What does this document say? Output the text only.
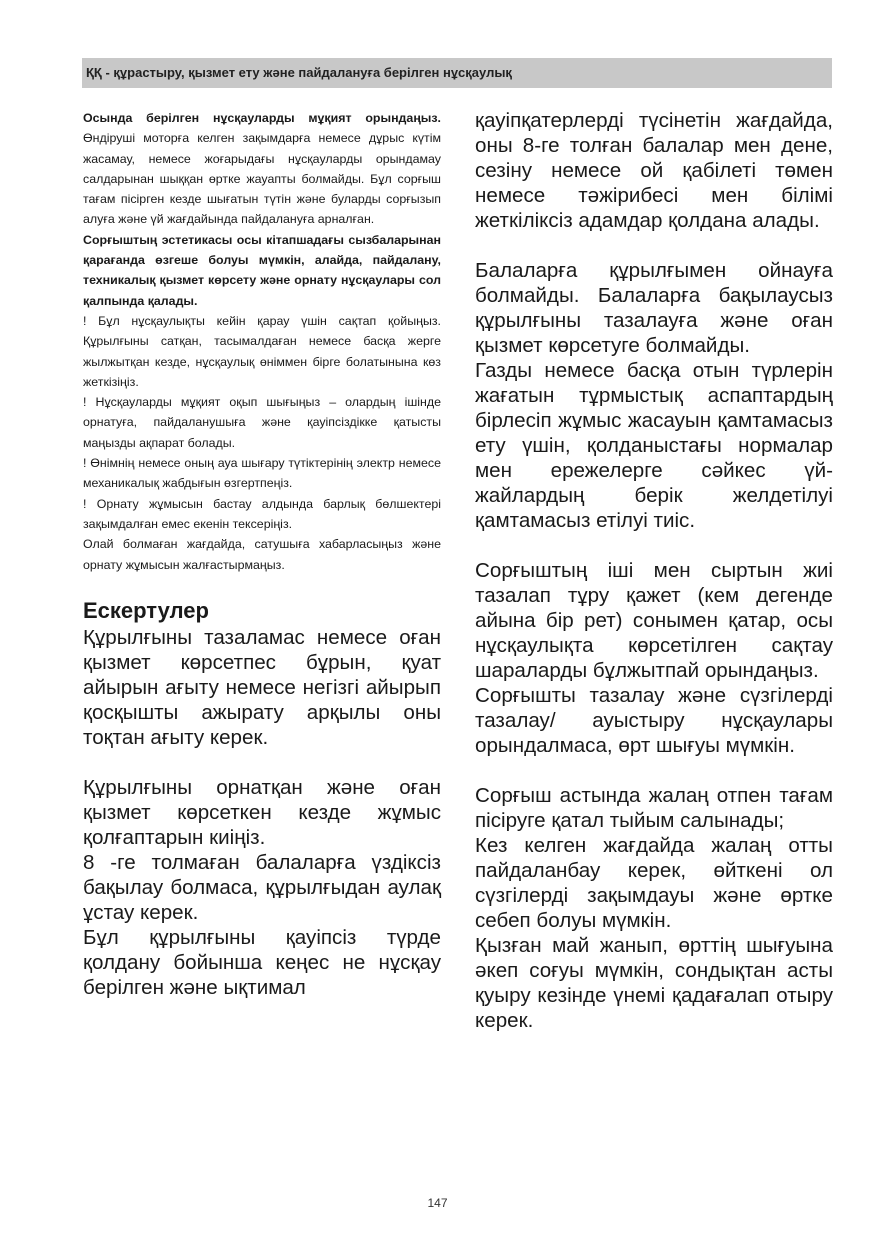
ҚҚ - құрастыру, қызмет ету және пайдалануға берілген нұсқаулық

Осында берілген нұсқауларды мұқият орындаңыз. Өндіруші моторға келген зақымдарға немесе дұрыс күтім жасамау, немесе жоғарыдағы нұсқауларды орындамау салдарынан шыққан өртке жауапты болмайды. Бұл сорғыш тағам пісірген кезде шығатын түтін және буларды сорғызып алуға және үй жағдайында пайдалануға арналған.

Сорғыштың эстетикасы осы кітапшадағы сызбаларынан қарағанда өзгеше болуы мүмкін, алайда, пайдалану, техникалық қызмет көрсету және орнату нұсқаулары сол қалпында қалады.

! Бұл нұсқаулықты кейін қарау үшін сақтап қойыңыз. Құрылғыны сатқан, тасымалдаған немесе басқа жерге жылжытқан кезде, нұсқаулық өніммен бірге болатынына көз жеткізіңіз.

! Нұсқауларды мұқият оқып шығыңыз – олардың ішінде орнатуға, пайдаланушыға және қауіпсіздікке қатысты маңызды ақпарат болады.

! Өнімнің немесе оның ауа шығару түтіктерінің электр немесе механикалық жабдығын өзгертпеңіз.

! Орнату жұмысын бастау алдында барлық бөлшектері зақымдалған емес екенін тексеріңіз.

Олай болмаған жағдайда, сатушыға хабарласыңыз және орнату жұмысын жалғастырмаңыз.

Ескертулер

Құрылғыны тазаламас немесе оған қызмет көрсетпес бұрын, қуат айырын ағыту немесе негізгі айырып қосқышты ажырату арқылы оны тоқтан ағыту керек.

Құрылғыны орнатқан және оған қызмет көрсеткен кезде жұмыс қолғаптарын киіңіз.

8 -ге толмаған балаларға үздіксіз бақылау болмаса, құрылғыдан аулақ ұстау керек.

Бұл құрылғыны қауіпсіз түрде қолдану бойынша кеңес не нұсқау берілген және ықтимал

қауіпқатерлерді түсінетін жағдайда, оны 8-ге толған балалар мен дене, сезіну немесе ой қабілеті төмен немесе тәжірибесі мен білімі жеткіліксіз адамдар қолдана алады.

Балаларға құрылғымен ойнауға болмайды. Балаларға бақылаусыз құрылғыны тазалауға және оған қызмет көрсетуге болмайды.

Газды немесе басқа отын түрлерін жағатын тұрмыстық аспаптардың бірлесіп жұмыс жасауын қамтамасыз ету үшін, қолданыстағы нормалар мен ережелерге сәйкес үй-жайлардың берік желдетілуі қамтамасыз етілуі тиіс.

Сорғыштың іші мен сыртын жиі тазалап тұру қажет (кем дегенде айына бір рет) сонымен қатар, осы нұсқаулықта көрсетілген сақтау шараларды бұлжытпай орындаңыз.

Сорғышты тазалау және сүзгілерді тазалау/ ауыстыру нұсқаулары орындалмаса, өрт шығуы мүмкін.

Сорғыш астында жалаң отпен тағам пісіруге қатал тыйым салынады;

Кез келген жағдайда жалаң отты пайдаланбау керек, өйткені ол сүзгілерді зақымдауы және өртке себеп болуы мүмкін.

Қызған май жанып, өрттің шығуына әкеп соғуы мүмкін, сондықтан асты қуыру кезінде үнемі қадағалап отыру керек.

147
